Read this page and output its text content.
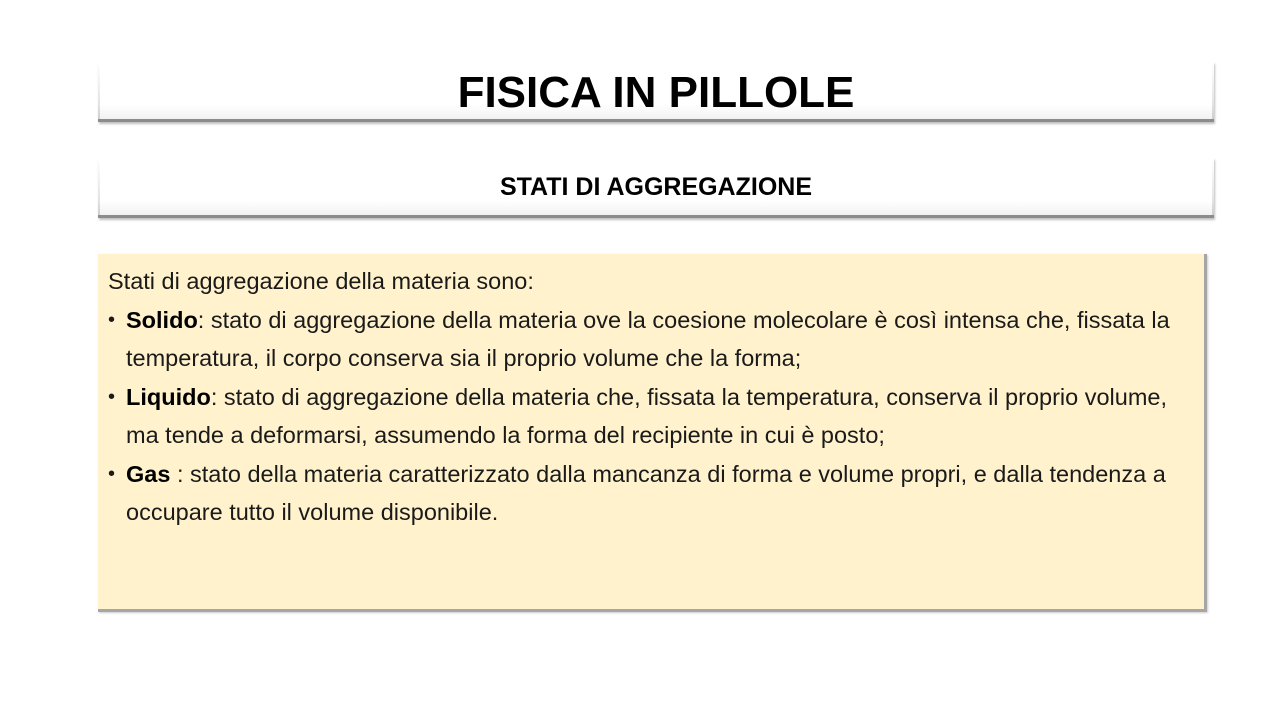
FISICA IN PILLOLE
STATI DI AGGREGAZIONE

Stati di aggregazione della materia sono:

• Solido: stato di aggregazione della materia ove la coesione molecolare è così intensa che, fissata la temperatura, il corpo conserva sia il proprio volume che la forma;
• Liquido: stato di aggregazione della materia che, fissata la temperatura, conserva il proprio volume, ma tende a deformarsi, assumendo la forma del recipiente in cui è posto;
• Gas : stato della materia caratterizzato dalla mancanza di forma e volume propri, e dalla tendenza a occupare tutto il volume disponibile.
